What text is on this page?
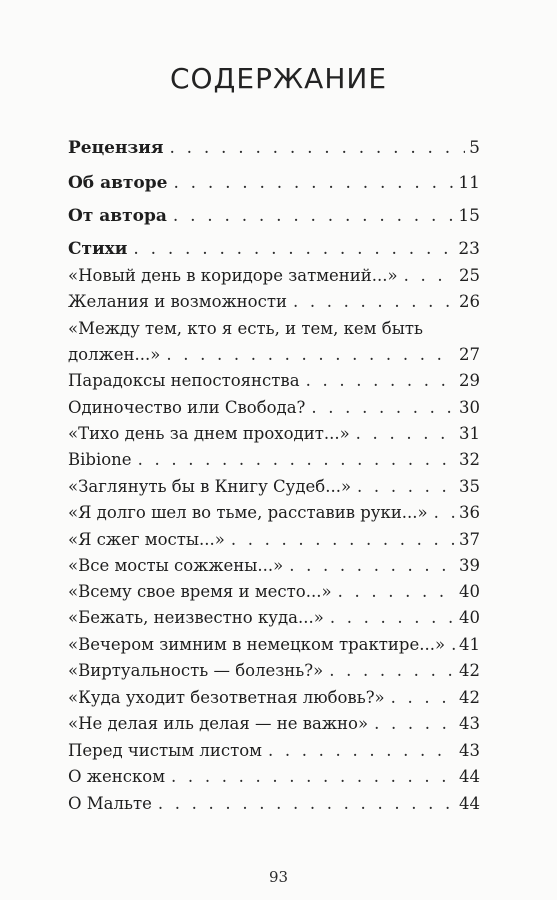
СОДЕРЖАНИЕ
Рецензия . . .	5
Об авторе . . .	11
От автора . . .	15
Стихи . . .	23
«Новый день в коридоре затмений...» . . .	25
Желания и возможности . . .	26
«Между тем, кто я есть, и тем, кем быть
должен...» . . .	27
Парадоксы непостоянства . . .	29
Одиночество или Свобода? . . .	30
«Тихо день за днем проходит...» . . .	31
Bibione . . .	32
«Заглянуть бы в Книгу Судеб...» . . .	35
«Я долго шел во тьме, расставив руки...» . . . 36
«Я сжег мосты...» . . .	37
«Все мосты сожжены...» . . .	39
«Всему свое время и место...» . . .	40
«Бежать, неизвестно куда...» . . .	40
«Вечером зимним в немецком трактире...» . . . 41
«Виртуальность — болезнь?» . . .	42
«Куда уходит безответная любовь?» . . .	42
«Не делая иль делая — не важно» . . .	43
Перед чистым листом . . .	43
О женском . . .	44
О Мальте . . .	44
93
